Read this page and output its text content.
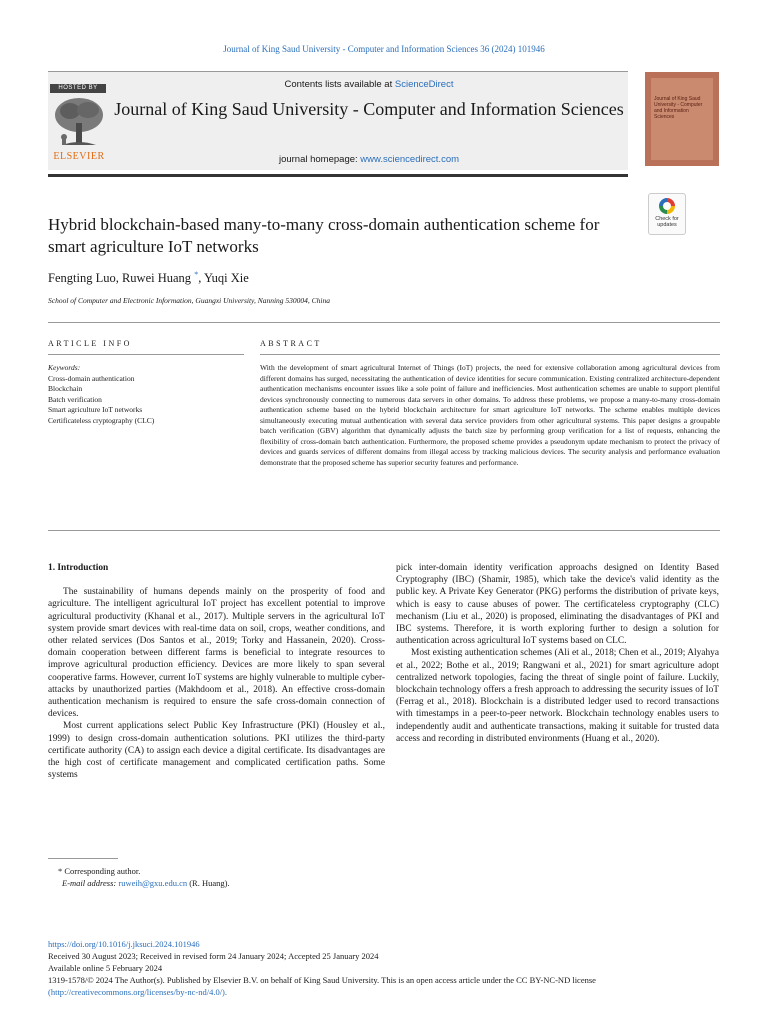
Journal of King Saud University - Computer and Information Sciences 36 (2024) 101946
HOSTED BY
ELSEVIER
Contents lists available at ScienceDirect
Journal of King Saud University - Computer and Information Sciences
journal homepage: www.sciencedirect.com
Journal of King Saud University - Computer and Information Sciences
Check for updates
Hybrid blockchain-based many-to-many cross-domain authentication scheme for smart agriculture IoT networks
Fengting Luo, Ruwei Huang *, Yuqi Xie
School of Computer and Electronic Information, Guangxi University, Nanning 530004, China
ARTICLE INFO	ABSTRACT
Keywords:
Cross-domain authentication
Blockchain
Batch verification
Smart agriculture IoT networks
Certificateless cryptography (CLC)
With the development of smart agricultural Internet of Things (IoT) projects, the need for extensive collaboration among agricultural devices from different domains has surged, necessitating the authentication of device identities for secure communication. Existing centralized architecture-dependent authentication mechanisms encounter issues like a sole point of failure and inefficiencies. Most authentication schemes are unable to support plentiful devices synchronously connecting to numerous data servers in other domains. To address these problems, we propose a many-to-many cross-domain authentication scheme based on the hybrid blockchain architecture for smart agriculture IoT networks. The scheme enables multiple devices simultaneously executing mutual authentication with several data service providers from other agricultural systems. This paper designs a groupable batch verification (GBV) algorithm that dynamically adjusts the batch size by performing group verification for a list of requests, enhancing the flexibility of cross-domain batch authentication. Furthermore, the proposed scheme provides a pseudonym update mechanism to protect the privacy of devices and guards services of different domains from illegal access by tracking malicious devices. The security analysis and performance evaluation demonstrate that the proposed scheme has superior security features and performance.
1. Introduction

The sustainability of humans depends mainly on the prosperity of food and agriculture. The intelligent agricultural IoT project has excellent potential to improve agricultural productivity (Khanal et al., 2017). Multiple servers in the agricultural IoT system provide smart devices with real-time data on soil, crops, weather conditions, and other related services (Dos Santos et al., 2019; Torky and Hassanein, 2020). Cross-domain cooperation between different farms is beneficial to integrate resources to improve agricultural production efficiency. Devices are more likely to span several cooperative farms. However, current IoT systems are highly vulnerable to multiple cyber-attacks by unauthorized parties (Makhdoom et al., 2018). An effective cross-domain authentication mechanism is required to ensure the safe cross-domain connection of devices.

Most current applications select Public Key Infrastructure (PKI) (Housley et al., 1999) to design cross-domain authentication solutions. PKI utilizes the third-party certificate authority (CA) to assign each device a digital certificate. Its disadvantages are the high cost of certificate management and complicated certification paths. Some systems

pick inter-domain identity verification approachs designed on Identity Based Cryptography (IBC) (Shamir, 1985), which take the device's valid identity as the public key. A Private Key Generator (PKG) performs the distribution of private keys, which is easy to cause abuses of power. The certificateless cryptography (CLC) mechanism (Liu et al., 2020) is proposed, eliminating the disadvantages of PKI and IBC systems. Therefore, it is worth exploring further to design a solution for authentication across agricultural IoT systems based on CLC.

Most existing authentication schemes (Ali et al., 2018; Chen et al., 2019; Alyahya et al., 2022; Bothe et al., 2019; Rangwani et al., 2021) for smart agriculture adopt centralized network topologies, facing the threat of single point of failure. Luckily, blockchain technology offers a fresh approach to addressing the security issues of IoT (Ferrag et al., 2018). Blockchain is a distributed ledger used to record transactions with timestamps in a peer-to-peer network. Blockchain technology enables users to independently audit and authenticate transactions, making it suitable for trusted data access and recording in distributed environments (Huang et al., 2020).

* Corresponding author.
E-mail address: ruweih@gxu.edu.cn (R. Huang).
https://doi.org/10.1016/j.jksuci.2024.101946
Received 30 August 2023; Received in revised form 24 January 2024; Accepted 25 January 2024
Available online 5 February 2024
1319-1578/© 2024 The Author(s). Published by Elsevier B.V. on behalf of King Saud University. This is an open access article under the CC BY-NC-ND license
(http://creativecommons.org/licenses/by-nc-nd/4.0/).
